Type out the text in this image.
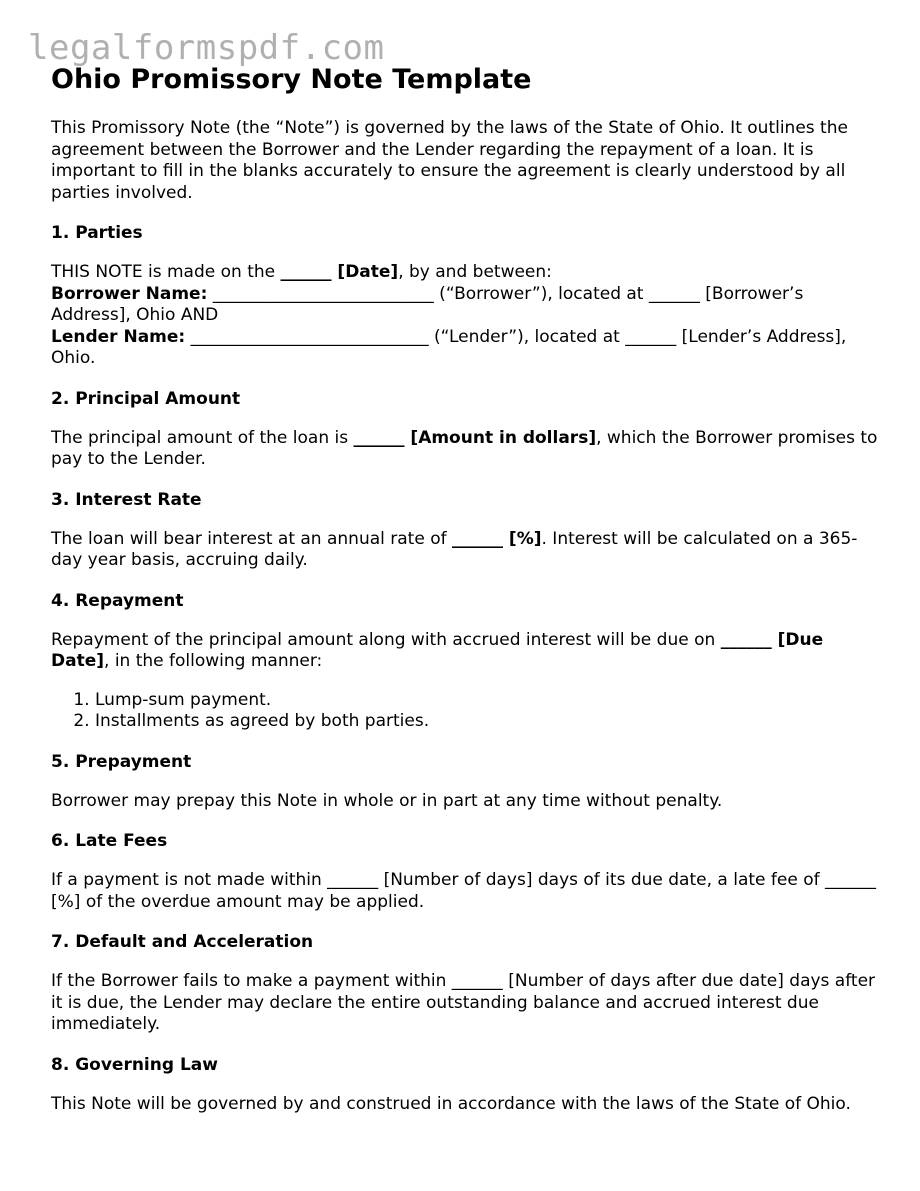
legalformspdf.com
Ohio Promissory Note Template

This Promissory Note (the “Note”) is governed by the laws of the State of Ohio. It outlines the agreement between the Borrower and the Lender regarding the repayment of a loan. It is important to fill in the blanks accurately to ensure the agreement is clearly understood by all parties involved.

1. Parties

THIS NOTE is made on the ______ [Date], by and between:
Borrower Name: __________________________ (“Borrower”), located at ______ [Borrower’s Address], Ohio AND
Lender Name: ____________________________ (“Lender”), located at ______ [Lender’s Address], Ohio.

2. Principal Amount

The principal amount of the loan is ______ [Amount in dollars], which the Borrower promises to pay to the Lender.

3. Interest Rate

The loan will bear interest at an annual rate of ______ [%]. Interest will be calculated on a 365-day year basis, accruing daily.

4. Repayment

Repayment of the principal amount along with accrued interest will be due on ______ [Due Date], in the following manner:

1. Lump-sum payment.
2. Installments as agreed by both parties.
5. Prepayment

Borrower may prepay this Note in whole or in part at any time without penalty.

6. Late Fees

If a payment is not made within ______ [Number of days] days of its due date, a late fee of ______ [%] of the overdue amount may be applied.

7. Default and Acceleration

If the Borrower fails to make a payment within ______ [Number of days after due date] days after it is due, the Lender may declare the entire outstanding balance and accrued interest due immediately.

8. Governing Law

This Note will be governed by and construed in accordance with the laws of the State of Ohio.
